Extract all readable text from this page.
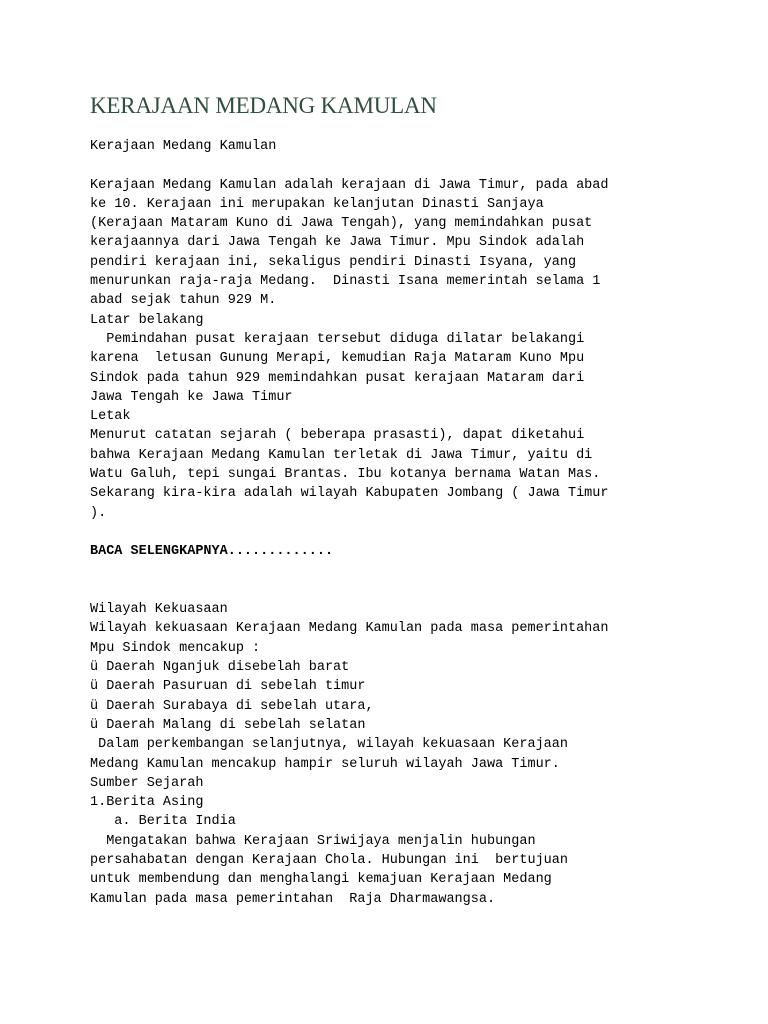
KERAJAAN MEDANG KAMULAN
Kerajaan Medang Kamulan
Kerajaan Medang Kamulan adalah kerajaan di Jawa Timur, pada abad
ke 10. Kerajaan ini merupakan kelanjutan Dinasti Sanjaya
(Kerajaan Mataram Kuno di Jawa Tengah), yang memindahkan pusat
kerajaannya dari Jawa Tengah ke Jawa Timur. Mpu Sindok adalah
pendiri kerajaan ini, sekaligus pendiri Dinasti Isyana, yang
menurunkan raja-raja Medang.  Dinasti Isana memerintah selama 1
abad sejak tahun 929 M.
Latar belakang
Pemindahan pusat kerajaan tersebut diduga dilatar belakangi
karena  letusan Gunung Merapi, kemudian Raja Mataram Kuno Mpu
Sindok pada tahun 929 memindahkan pusat kerajaan Mataram dari
Jawa Tengah ke Jawa Timur
Letak
Menurut catatan sejarah ( beberapa prasasti), dapat diketahui
bahwa Kerajaan Medang Kamulan terletak di Jawa Timur, yaitu di
Watu Galuh, tepi sungai Brantas. Ibu kotanya bernama Watan Mas.
Sekarang kira-kira adalah wilayah Kabupaten Jombang ( Jawa Timur
).
BACA SELENGKAPNYA.............
Wilayah Kekuasaan
Wilayah kekuasaan Kerajaan Medang Kamulan pada masa pemerintahan
Mpu Sindok mencakup :
ü Daerah Nganjuk disebelah barat
ü Daerah Pasuruan di sebelah timur
ü Daerah Surabaya di sebelah utara,
ü Daerah Malang di sebelah selatan
Dalam perkembangan selanjutnya, wilayah kekuasaan Kerajaan
Medang Kamulan mencakup hampir seluruh wilayah Jawa Timur.
Sumber Sejarah
1.Berita Asing
a. Berita India
Mengatakan bahwa Kerajaan Sriwijaya menjalin hubungan
persahabatan dengan Kerajaan Chola. Hubungan ini  bertujuan
untuk membendung dan menghalangi kemajuan Kerajaan Medang
Kamulan pada masa pemerintahan  Raja Dharmawangsa.
